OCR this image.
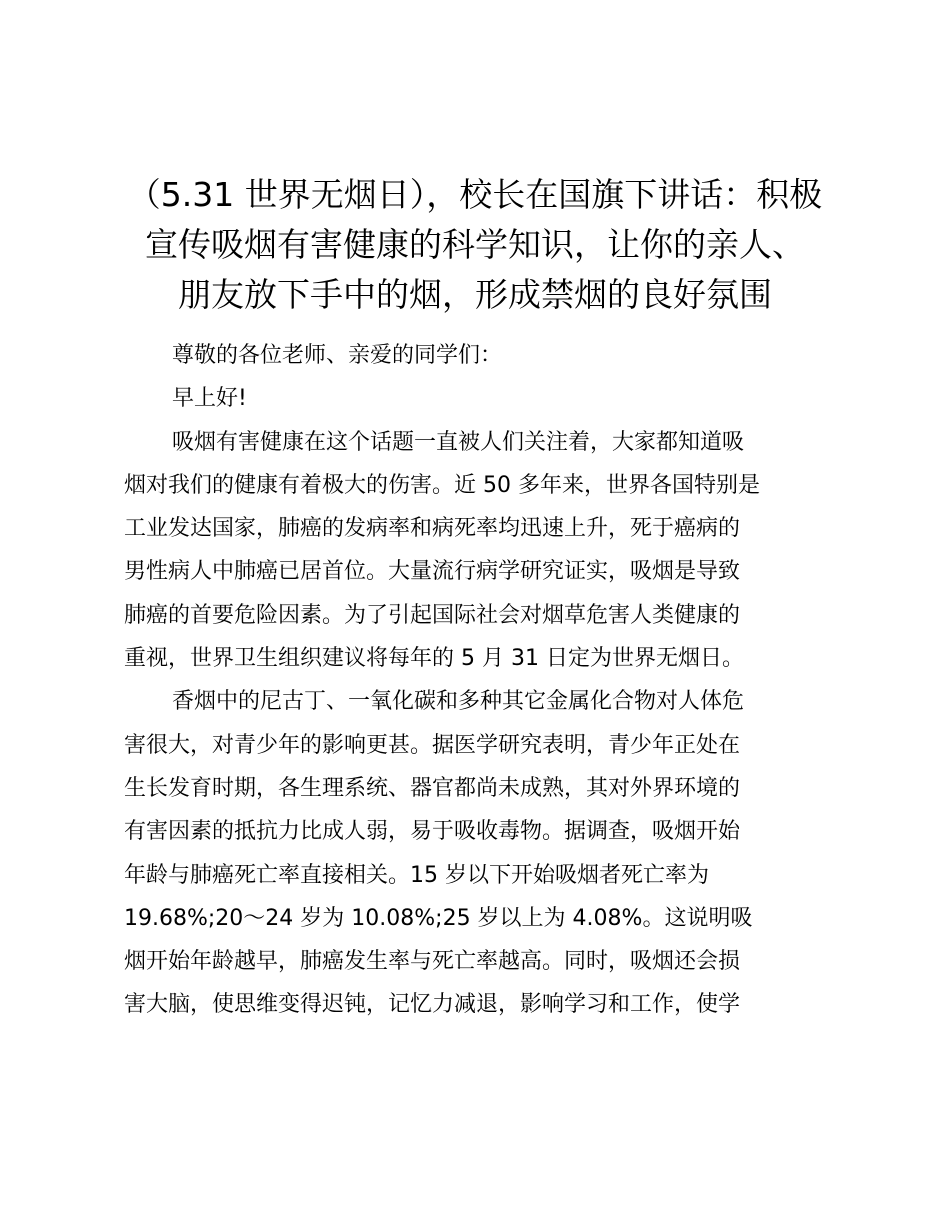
（5.31 世界无烟日），校长在国旗下讲话：积极
宣传吸烟有害健康的科学知识，让你的亲人、
朋友放下手中的烟，形成禁烟的良好氛围

尊敬的各位老师、亲爱的同学们：

早上好!

吸烟有害健康在这个话题一直被人们关注着，大家都知道吸
烟对我们的健康有着极大的伤害。近 50 多年来，世界各国特别是
工业发达国家，肺癌的发病率和病死率均迅速上升，死于癌病的
男性病人中肺癌已居首位。大量流行病学研究证实，吸烟是导致
肺癌的首要危险因素。为了引起国际社会对烟草危害人类健康的
重视，世界卫生组织建议将每年的 5 月 31 日定为世界无烟日。

香烟中的尼古丁、一氧化碳和多种其它金属化合物对人体危
害很大，对青少年的影响更甚。据医学研究表明，青少年正处在
生长发育时期，各生理系统、器官都尚未成熟，其对外界环境的
有害因素的抵抗力比成人弱，易于吸收毒物。据调查，吸烟开始
年龄与肺癌死亡率直接相关。15 岁以下开始吸烟者死亡率为
19.68%;20～24 岁为 10.08%;25 岁以上为 4.08%。这说明吸
烟开始年龄越早，肺癌发生率与死亡率越高。同时，吸烟还会损
害大脑，使思维变得迟钝，记忆力减退，影响学习和工作，使学
